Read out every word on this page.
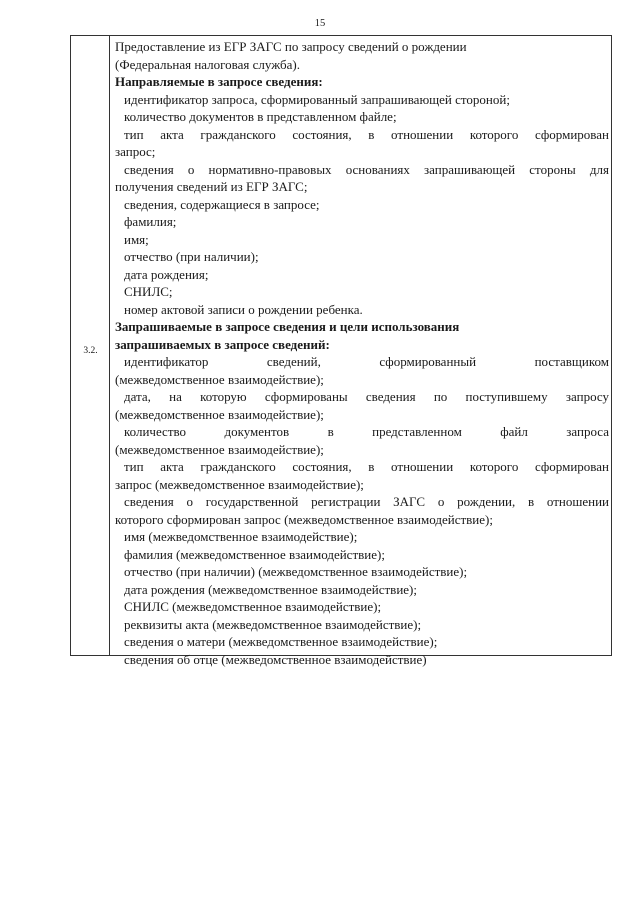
15
3.2.
Предоставление из ЕГР ЗАГС по запросу сведений о рождении
(Федеральная налоговая служба).
Направляемые в запросе сведения:
идентификатор запроса, сформированный запрашивающей стороной;
количество документов в представленном файле;
тип акта гражданского состояния, в отношении которого сформирован
запрос;
сведения о нормативно-правовых основаниях запрашивающей стороны для
получения сведений из ЕГР ЗАГС;
сведения, содержащиеся в запросе;
фамилия;
имя;
отчество (при наличии);
дата рождения;
СНИЛС;
номер актовой записи о рождении ребенка.
Запрашиваемые в запросе сведения и цели использования
запрашиваемых в запросе сведений:
идентификатор сведений, сформированный поставщиком
(межведомственное взаимодействие);
дата, на которую сформированы сведения по поступившему запросу
(межведомственное взаимодействие);
количество документов в представленном файл запроса
(межведомственное взаимодействие);
тип акта гражданского состояния, в отношении которого сформирован
запрос (межведомственное взаимодействие);
сведения о государственной регистрации ЗАГС о рождении, в отношении
которого сформирован запрос (межведомственное взаимодействие);
имя (межведомственное взаимодействие);
фамилия (межведомственное взаимодействие);
отчество (при наличии) (межведомственное взаимодействие);
дата рождения (межведомственное взаимодействие);
СНИЛС (межведомственное взаимодействие);
реквизиты акта (межведомственное взаимодействие);
сведения о матери (межведомственное взаимодействие);
сведения об отце (межведомственное взаимодействие)
